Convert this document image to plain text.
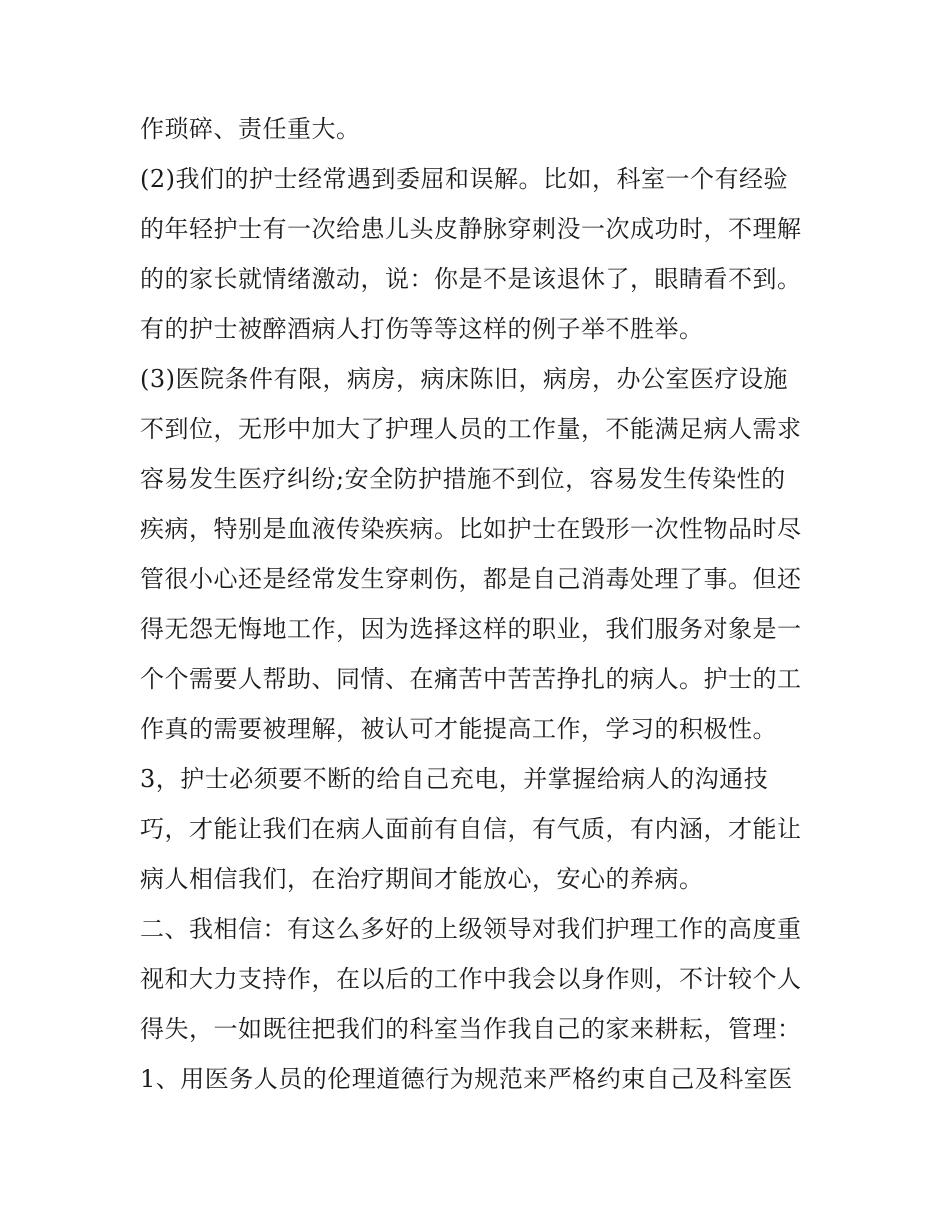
作琐碎、责任重大。
(2)我们的护士经常遇到委屈和误解。比如，科室一个有经验
的年轻护士有一次给患儿头皮静脉穿刺没一次成功时，不理解
的的家长就情绪激动，说：你是不是该退休了，眼睛看不到。
有的护士被醉酒病人打伤等等这样的例子举不胜举。
(3)医院条件有限，病房，病床陈旧，病房，办公室医疗设施
不到位，无形中加大了护理人员的工作量，不能满足病人需求
容易发生医疗纠纷;安全防护措施不到位，容易发生传染性的
疾病，特别是血液传染疾病。比如护士在毁形一次性物品时尽
管很小心还是经常发生穿刺伤，都是自己消毒处理了事。但还
得无怨无悔地工作，因为选择这样的职业，我们服务对象是一
个个需要人帮助、同情、在痛苦中苦苦挣扎的病人。护士的工
作真的需要被理解，被认可才能提高工作，学习的积极性。
3，护士必须要不断的给自己充电，并掌握给病人的沟通技
巧，才能让我们在病人面前有自信，有气质，有内涵，才能让
病人相信我们，在治疗期间才能放心，安心的养病。
二、我相信：有这么多好的上级领导对我们护理工作的高度重
视和大力支持作，在以后的工作中我会以身作则，不计较个人
得失，一如既往把我们的科室当作我自己的家来耕耘，管理：
1、用医务人员的伦理道德行为规范来严格约束自己及科室医
